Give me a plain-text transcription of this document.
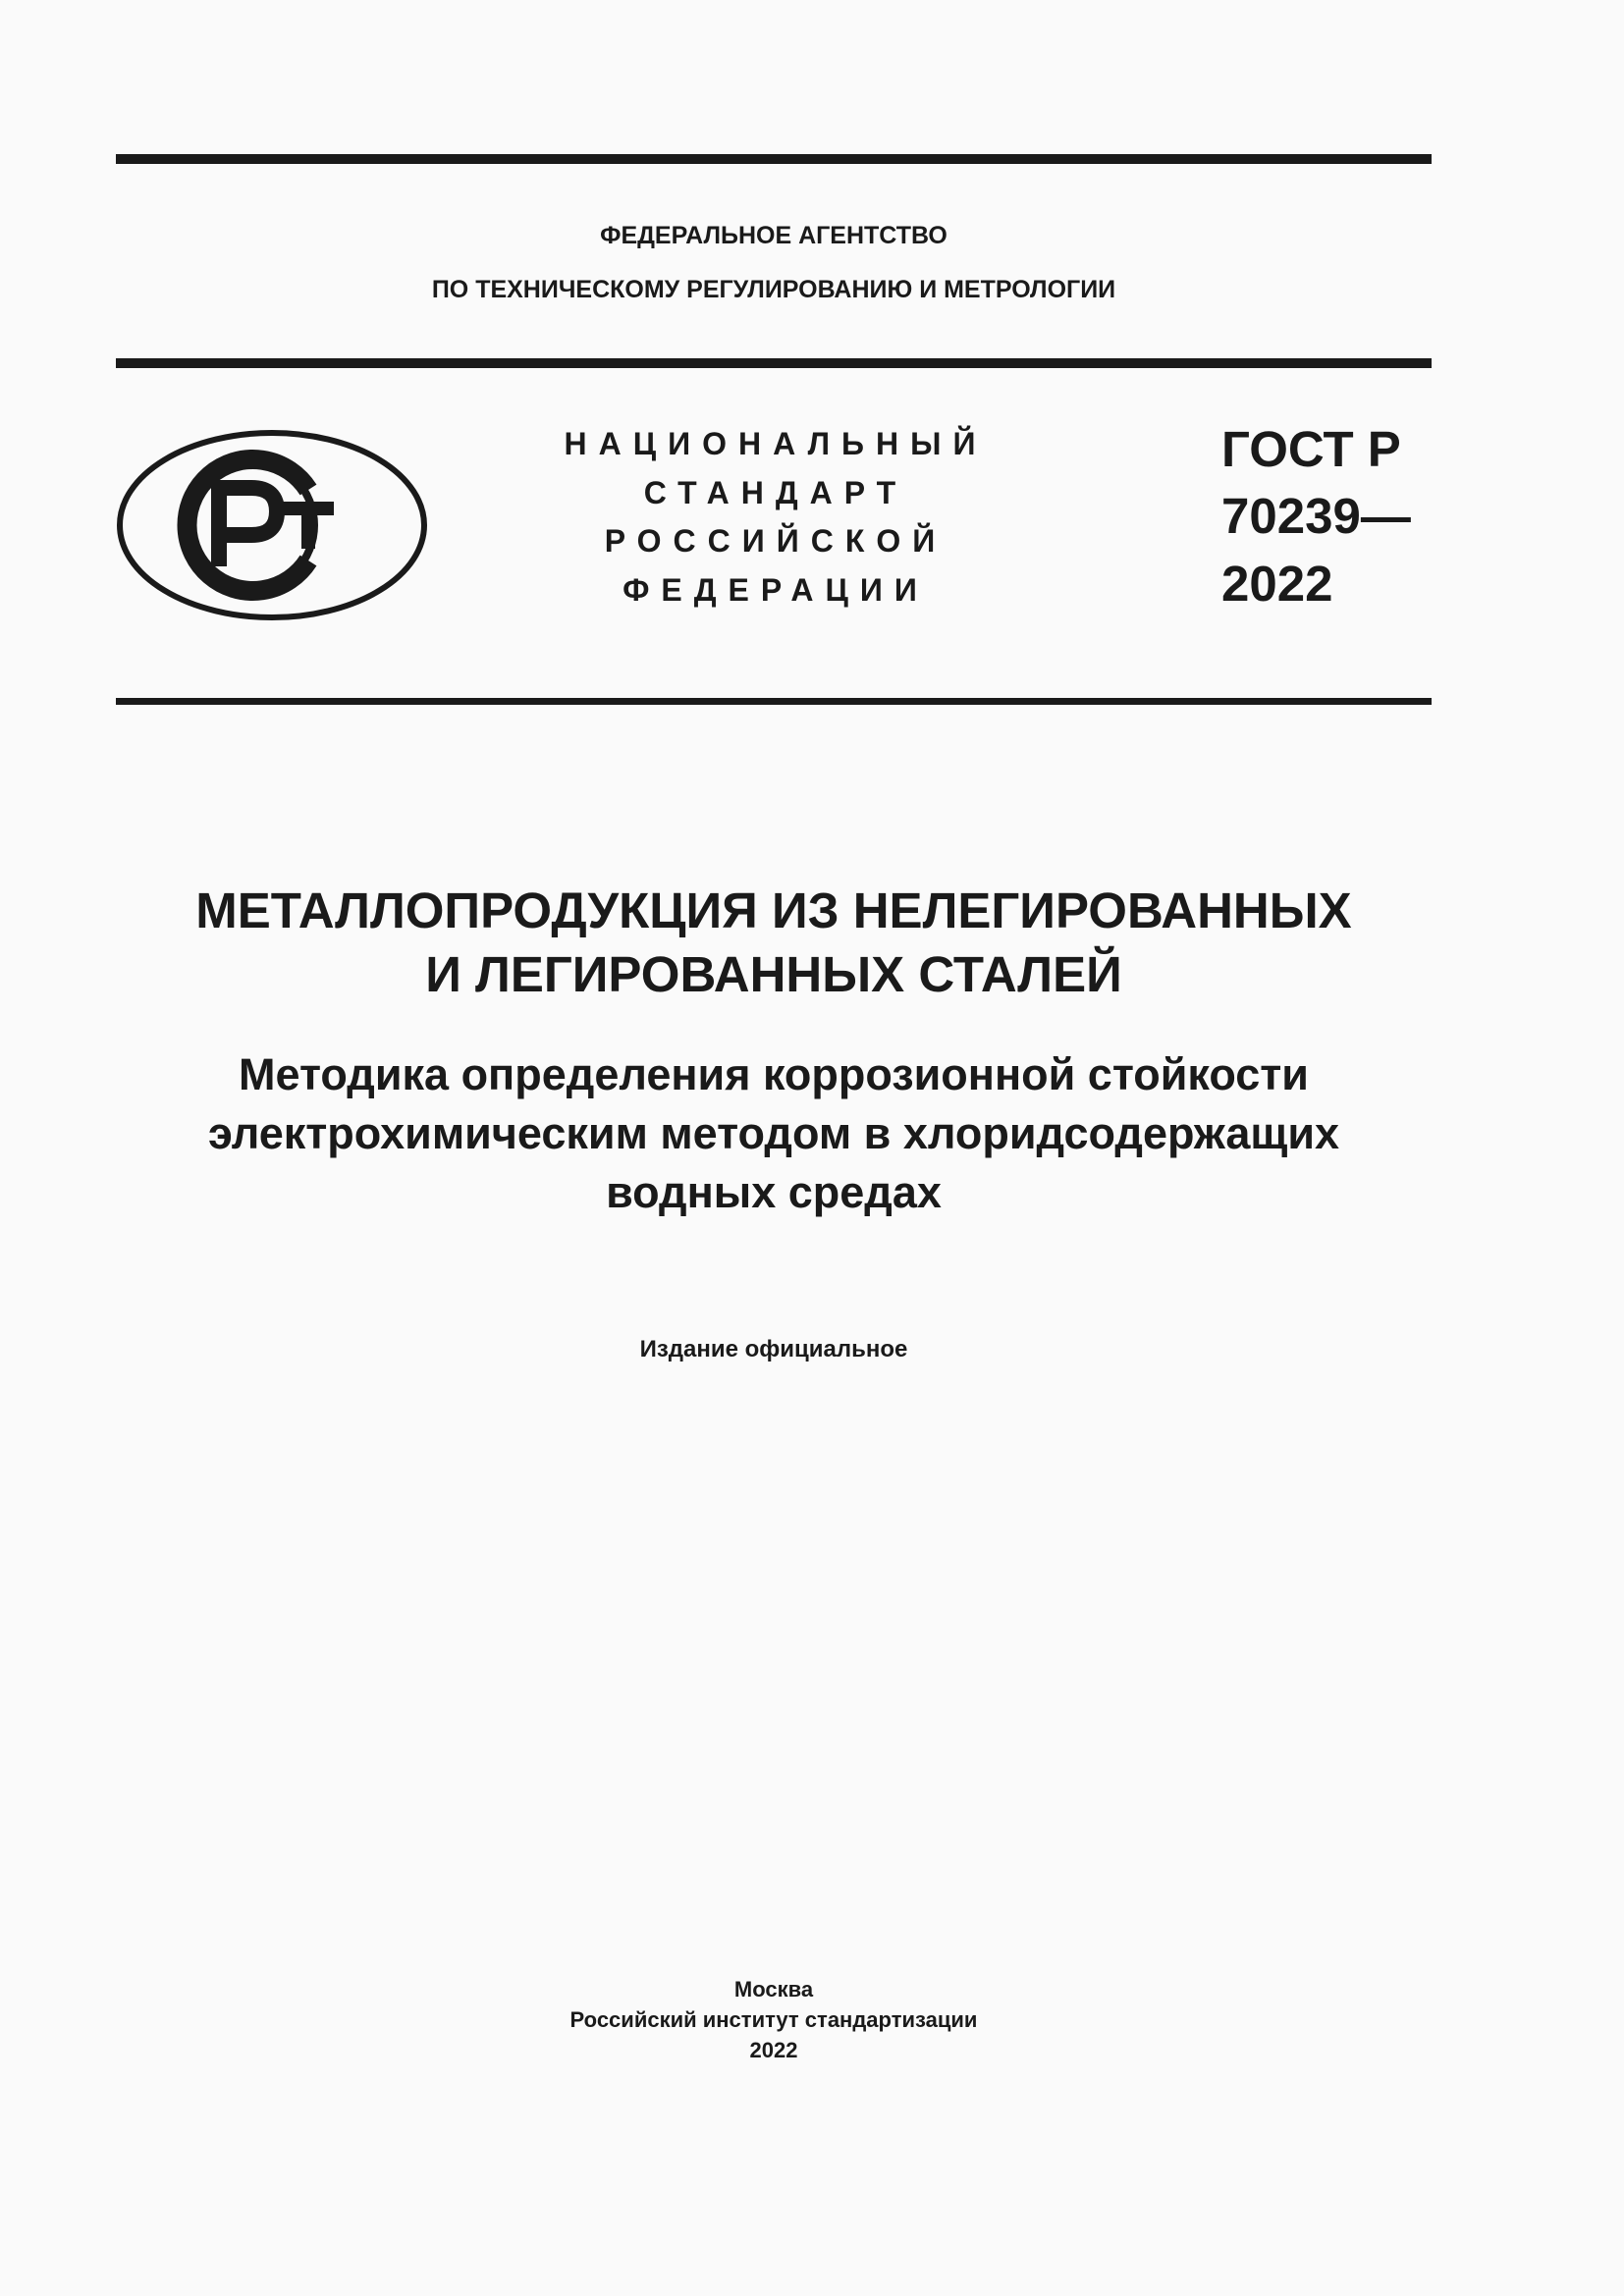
ФЕДЕРАЛЬНОЕ АГЕНТСТВО
ПО ТЕХНИЧЕСКОМУ РЕГУЛИРОВАНИЮ И МЕТРОЛОГИИ
НАЦИОНАЛЬНЫЙ
СТАНДАРТ
РОССИЙСКОЙ
ФЕДЕРАЦИИ
ГОСТ Р
70239—
2022
МЕТАЛЛОПРОДУКЦИЯ ИЗ НЕЛЕГИРОВАННЫХ
И ЛЕГИРОВАННЫХ СТАЛЕЙ
Методика определения коррозионной стойкости
электрохимическим методом в хлоридсодержащих
водных средах
Издание официальное
Москва
Российский институт стандартизации
2022
